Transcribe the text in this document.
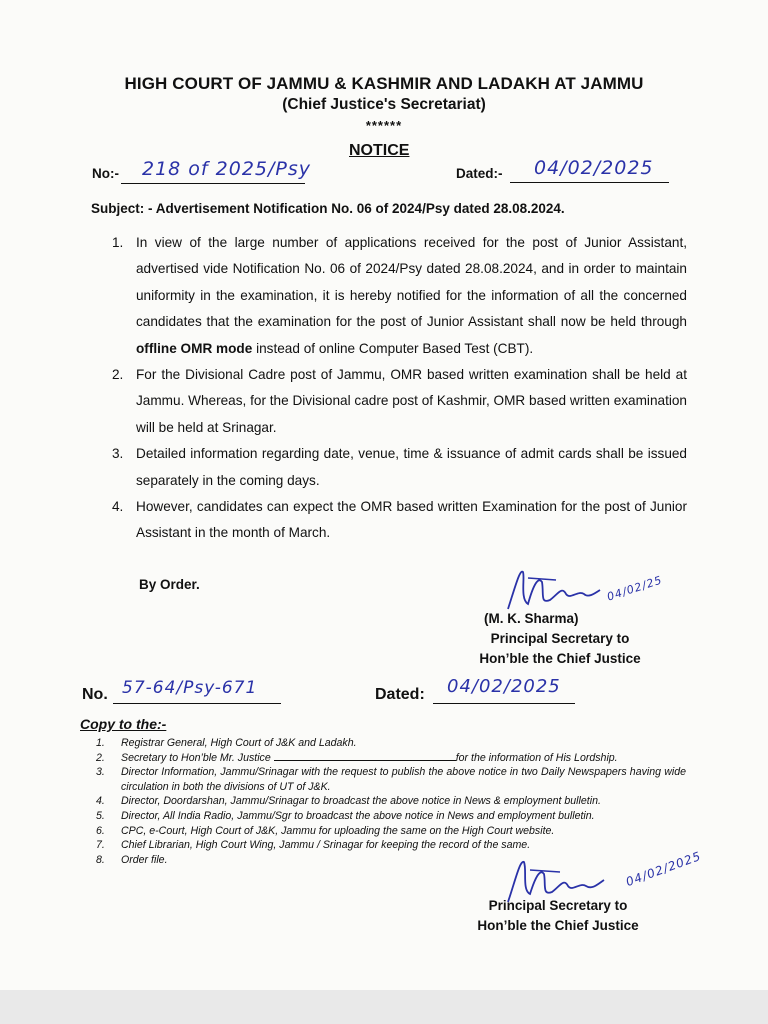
HIGH COURT OF JAMMU & KASHMIR AND LADAKH AT JAMMU
(Chief Justice's Secretariat)
******
NOTICE
No:- 218 of 2025/Psy	Dated:- 04/02/2025
Subject: - Advertisement Notification No. 06 of 2024/Psy dated 28.08.2024.
1. In view of the large number of applications received for the post of Junior Assistant, advertised vide Notification No. 06 of 2024/Psy dated 28.08.2024, and in order to maintain uniformity in the examination, it is hereby notified for the information of all the concerned candidates that the examination for the post of Junior Assistant shall now be held through offline OMR mode instead of online Computer Based Test (CBT).
2. For the Divisional Cadre post of Jammu, OMR based written examination shall be held at Jammu. Whereas, for the Divisional cadre post of Kashmir, OMR based written examination will be held at Srinagar.
3. Detailed information regarding date, venue, time & issuance of admit cards shall be issued separately in the coming days.
4. However, candidates can expect the OMR based written Examination for the post of Junior Assistant in the month of March.
By Order.	04/02/25
(M. K. Sharma)
Principal Secretary to
Hon’ble the Chief Justice
No. 57-64/Psy-671	Dated: 04/02/2025
Copy to the:-
1.	Registrar General, High Court of J&K and Ladakh.
2.	Secretary to Hon’ble Mr. Justice	for the information of His Lordship.
3.	Director Information, Jammu/Srinagar with the request to publish the above notice in two Daily Newspapers having wide circulation in both the divisions of UT of J&K.
4.	Director, Doordarshan, Jammu/Srinagar to broadcast the above notice in News & employment bulletin.
5.	Director, All India Radio, Jammu/Sgr to broadcast the above notice in News and employment bulletin.
6.	CPC, e-Court, High Court of J&K, Jammu for uploading the same on the High Court website.
7.	Chief Librarian, High Court Wing, Jammu / Srinagar for keeping the record of the same.
8.	Order file.	04/02/2025
Principal Secretary to
Hon’ble the Chief Justice
